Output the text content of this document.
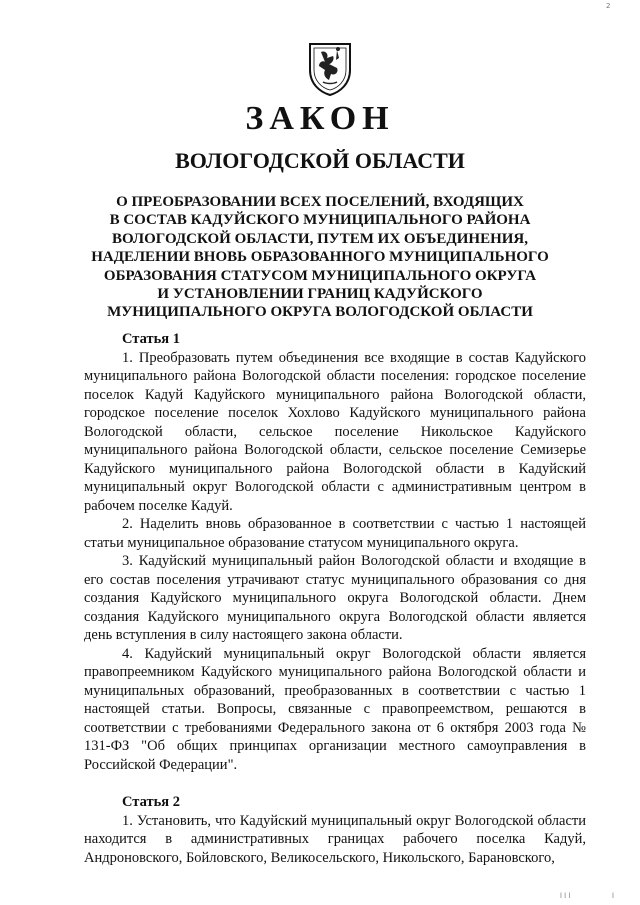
2
ЗАКОН
ВОЛОГОДСКОЙ ОБЛАСТИ
О ПРЕОБРАЗОВАНИИ ВСЕХ ПОСЕЛЕНИЙ, ВХОДЯЩИХ
В СОСТАВ КАДУЙСКОГО МУНИЦИПАЛЬНОГО РАЙОНА
ВОЛОГОДСКОЙ ОБЛАСТИ, ПУТЕМ ИХ ОБЪЕДИНЕНИЯ,
НАДЕЛЕНИИ ВНОВЬ ОБРАЗОВАННОГО МУНИЦИПАЛЬНОГО
ОБРАЗОВАНИЯ СТАТУСОМ МУНИЦИПАЛЬНОГО ОКРУГА
И УСТАНОВЛЕНИИ ГРАНИЦ КАДУЙСКОГО
МУНИЦИПАЛЬНОГО ОКРУГА ВОЛОГОДСКОЙ ОБЛАСТИ

Статья 1

1. Преобразовать путем объединения все входящие в состав Кадуйского муниципального района Вологодской области поселения: городское поселение поселок Кадуй Кадуйского муниципального района Вологодской области, городское поселение поселок Хохлово Кадуйского муниципального района Вологодской области, сельское поселение Никольское Кадуйского муниципального района Вологодской области, сельское поселение Семизерье Кадуйского муниципального района Вологодской области в Кадуйский муниципальный округ Вологодской области с административным центром в рабочем поселке Кадуй.

2. Наделить вновь образованное в соответствии с частью 1 настоящей статьи муниципальное образование статусом муниципального округа.

3. Кадуйский муниципальный район Вологодской области и входящие в его состав поселения утрачивают статус муниципального образования со дня создания Кадуйского муниципального округа Вологодской области. Днем создания Кадуйского муниципального округа Вологодской области является день вступления в силу настоящего закона области.

4. Кадуйский муниципальный округ Вологодской области является правопреемником Кадуйского муниципального района Вологодской области и муниципальных образований, преобразованных в соответствии с частью 1 настоящей статьи. Вопросы, связанные с правопреемством, решаются в соответствии с требованиями Федерального закона от 6 октября 2003 года № 131-ФЗ "Об общих принципах организации местного самоуправления в Российской Федерации".

Статья 2

1. Установить, что Кадуйский муниципальный округ Вологодской области находится в административных границах рабочего поселка Кадуй, Андроновского, Бойловского, Великосельского, Никольского, Барановского,

l l l	l
